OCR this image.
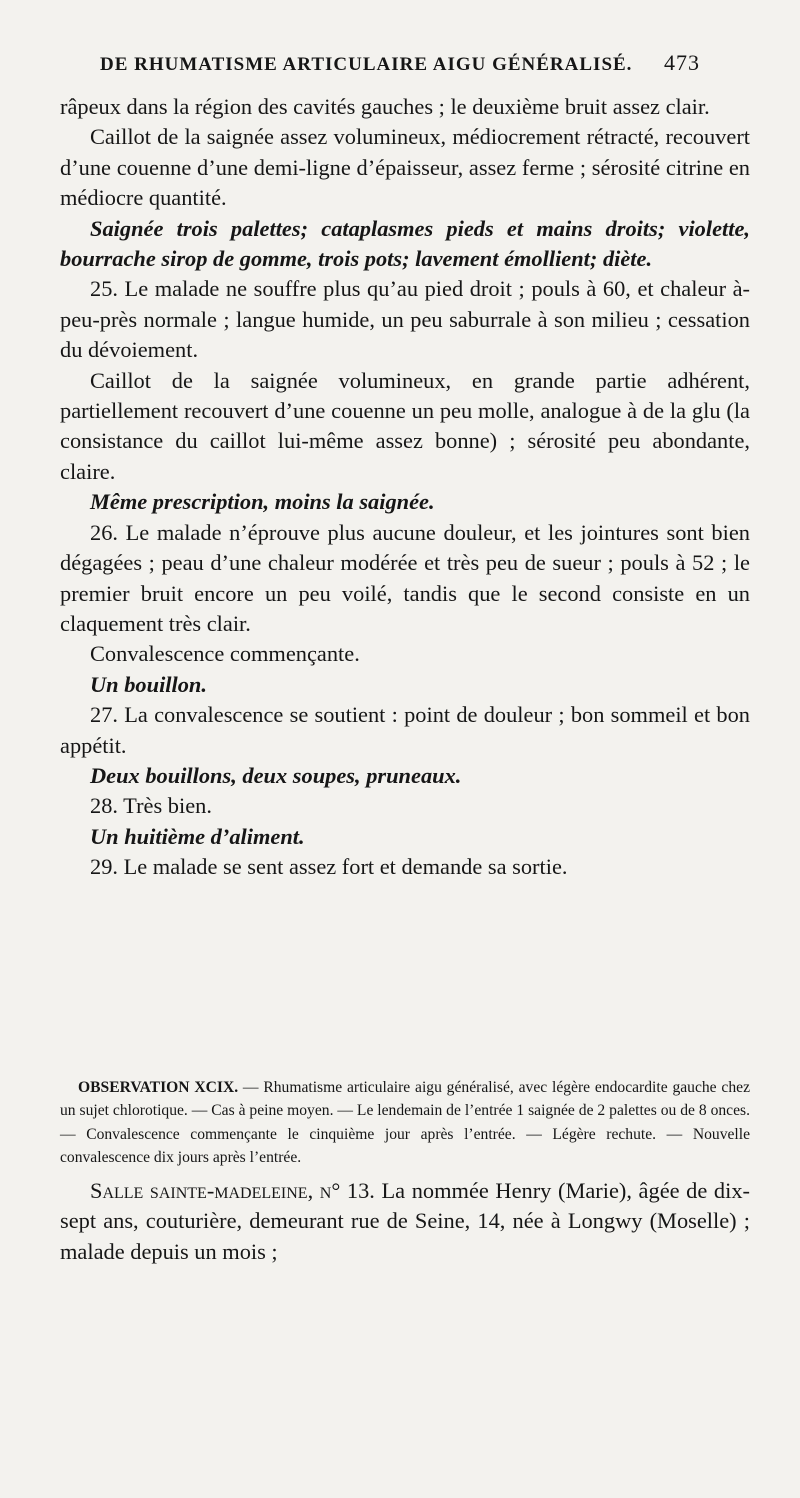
DE RHUMATISME ARTICULAIRE AIGU GÉNÉRALISÉ. 473

râpeux dans la région des cavités gauches ; le deuxième bruit assez clair.

Caillot de la saignée assez volumineux, médiocrement rétracté, recouvert d’une couenne d’une demi-ligne d’épaisseur, assez ferme ; sérosité citrine en médiocre quantité.

Saignée trois palettes; cataplasmes pieds et mains droits; violette, bourrache sirop de gomme, trois pots; lavement émollient; diète.

25. Le malade ne souffre plus qu’au pied droit ; pouls à 60, et chaleur à-peu-près normale ; langue humide, un peu saburrale à son milieu ; cessation du dévoiement.

Caillot de la saignée volumineux, en grande partie adhérent, partiellement recouvert d’une couenne un peu molle, analogue à de la glu (la consistance du caillot lui-même assez bonne) ; sérosité peu abondante, claire.

Même prescription, moins la saignée.

26. Le malade n’éprouve plus aucune douleur, et les jointures sont bien dégagées ; peau d’une chaleur modérée et très peu de sueur ; pouls à 52 ; le premier bruit encore un peu voilé, tandis que le second consiste en un claquement très clair.

Convalescence commençante.

Un bouillon.

27. La convalescence se soutient : point de douleur ; bon sommeil et bon appétit.

Deux bouillons, deux soupes, pruneaux.

28. Très bien.

Un huitième d’aliment.

29. Le malade se sent assez fort et demande sa sortie.

OBSERVATION XCIX. — Rhumatisme articulaire aigu généralisé, avec légère endocardite gauche chez un sujet chlorotique. — Cas à peine moyen. — Le lendemain de l’entrée 1 saignée de 2 palettes ou de 8 onces. — Convalescence commençante le cinquième jour après l’entrée. — Légère rechute. — Nouvelle convalescence dix jours après l’entrée.

Salle sainte-madeleine, n° 13. La nommée Henry (Marie), âgée de dix-sept ans, couturière, demeurant rue de Seine, 14, née à Longwy (Moselle) ; malade depuis un mois ;
